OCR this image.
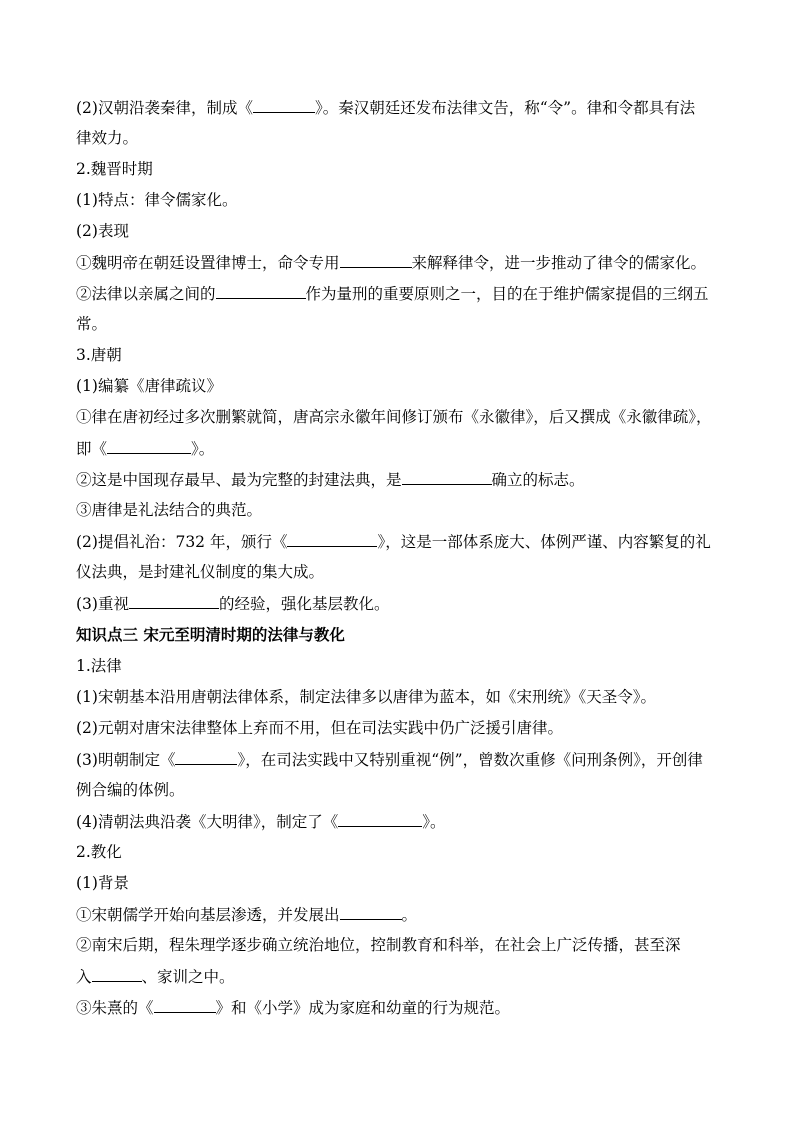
(2)汉朝沿袭秦律，制成《	》。秦汉朝廷还发布法律文告，称“令”。律和令都具有法
律效力。
2.魏晋时期
(1)特点：律令儒家化。
(2)表现
①魏明帝在朝廷设置律博士，命令专用	来解释律令，进一步推动了律令的儒家化。
②法律以亲属之间的	作为量刑的重要原则之一，目的在于维护儒家提倡的三纲五
常。
3.唐朝
(1)编纂《唐律疏议》
①律在唐初经过多次删繁就简，唐高宗永徽年间修订颁布《永徽律》，后又撰成《永徽律疏》，
即《	》。
②这是中国现存最早、最为完整的封建法典，是	确立的标志。
③唐律是礼法结合的典范。
(2)提倡礼治：732 年，颁行《	》，这是一部体系庞大、体例严谨、内容繁复的礼
仪法典，是封建礼仪制度的集大成。
(3)重视	的经验，强化基层教化。
知识点三 宋元至明清时期的法律与教化
1.法律
(1)宋朝基本沿用唐朝法律体系，制定法律多以唐律为蓝本，如《宋刑统》《天圣令》。
(2)元朝对唐宋法律整体上弃而不用，但在司法实践中仍广泛援引唐律。
(3)明朝制定《	》，在司法实践中又特别重视“例”，曾数次重修《问刑条例》，开创律
例合编的体例。
(4)清朝法典沿袭《大明律》，制定了《	》。
2.教化
(1)背景
①宋朝儒学开始向基层渗透，并发展出	。
②南宋后期，程朱理学逐步确立统治地位，控制教育和科举，在社会上广泛传播，甚至深
入	、家训之中。
③朱熹的《	》和《小学》成为家庭和幼童的行为规范。
